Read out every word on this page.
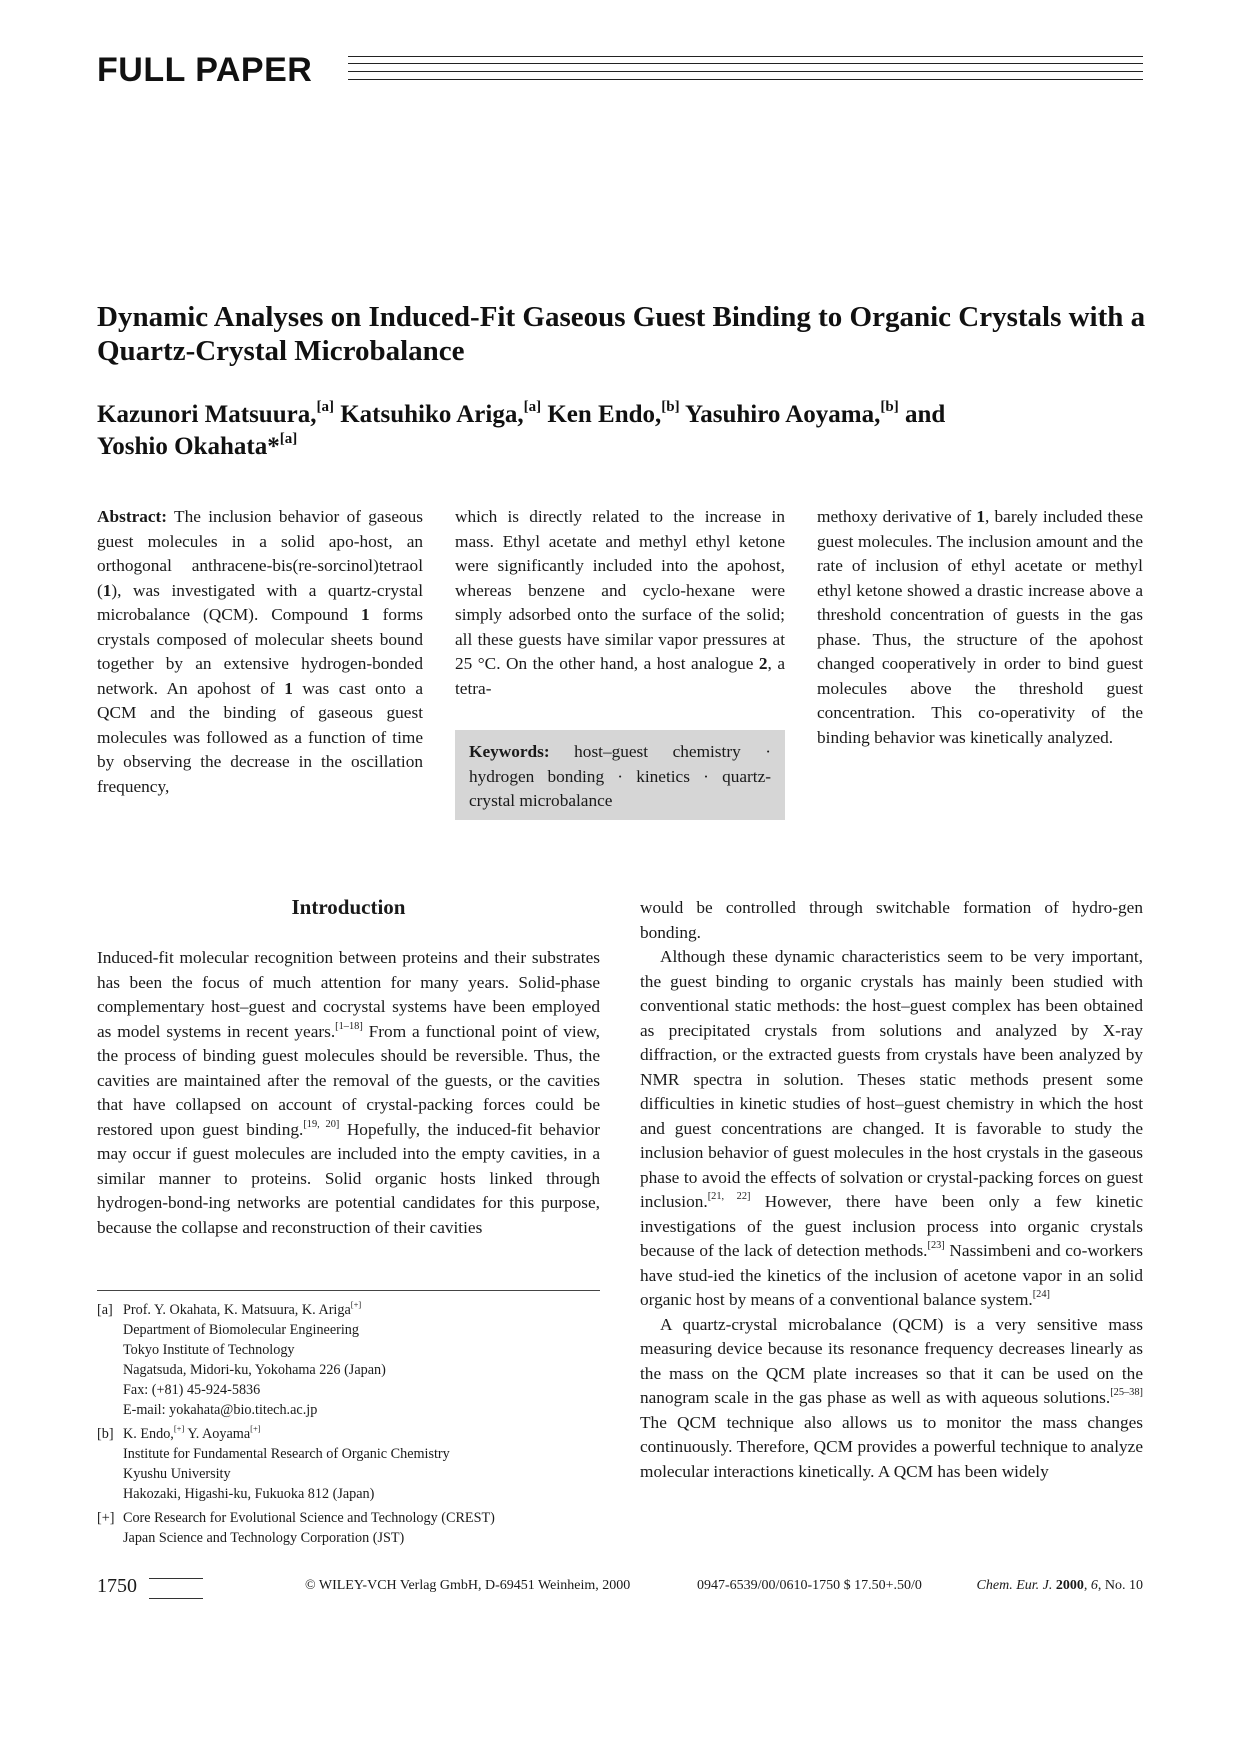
FULL PAPER
Dynamic Analyses on Induced-Fit Gaseous Guest Binding to Organic Crystals with a Quartz-Crystal Microbalance
Kazunori Matsuura,[a] Katsuhiko Ariga,[a] Ken Endo,[b] Yasuhiro Aoyama,[b] and
Yoshio Okahata*[a]

Abstract: The inclusion behavior of gaseous guest molecules in a solid apo-host, an orthogonal anthracene-bis(re-sorcinol)tetraol (1), was investigated with a quartz-crystal microbalance (QCM). Compound 1 forms crystals composed of molecular sheets bound together by an extensive hydrogen-bonded network. An apohost of 1 was cast onto a QCM and the binding of gaseous guest molecules was followed as a function of time by observing the decrease in the oscillation frequency,

which is directly related to the increase in mass. Ethyl acetate and methyl ethyl ketone were significantly included into the apohost, whereas benzene and cyclo-hexane were simply adsorbed onto the surface of the solid; all these guests have similar vapor pressures at 25 °C. On the other hand, a host analogue 2, a tetra-

methoxy derivative of 1, barely included these guest molecules. The inclusion amount and the rate of inclusion of ethyl acetate or methyl ethyl ketone showed a drastic increase above a threshold concentration of guests in the gas phase. Thus, the structure of the apohost changed cooperatively in order to bind guest molecules above the threshold guest concentration. This co-operativity of the binding behavior was kinetically analyzed.

Keywords: host–guest chemistry · hydrogen bonding · kinetics · quartz-crystal microbalance
Introduction

Induced-fit molecular recognition between proteins and their substrates has been the focus of much attention for many years. Solid-phase complementary host–guest and cocrystal systems have been employed as model systems in recent years.[1–18] From a functional point of view, the process of binding guest molecules should be reversible. Thus, the cavities are maintained after the removal of the guests, or the cavities that have collapsed on account of crystal-packing forces could be restored upon guest binding.[19, 20] Hopefully, the induced-fit behavior may occur if guest molecules are included into the empty cavities, in a similar manner to proteins. Solid organic hosts linked through hydrogen-bond-ing networks are potential candidates for this purpose, because the collapse and reconstruction of their cavities

would be controlled through switchable formation of hydro-gen bonding.

Although these dynamic characteristics seem to be very important, the guest binding to organic crystals has mainly been studied with conventional static methods: the host–guest complex has been obtained as precipitated crystals from solutions and analyzed by X-ray diffraction, or the extracted guests from crystals have been analyzed by NMR spectra in solution. Theses static methods present some difficulties in kinetic studies of host–guest chemistry in which the host and guest concentrations are changed. It is favorable to study the inclusion behavior of guest molecules in the host crystals in the gaseous phase to avoid the effects of solvation or crystal-packing forces on guest inclusion.[21, 22] However, there have been only a few kinetic investigations of the guest inclusion process into organic crystals because of the lack of detection methods.[23] Nassimbeni and co-workers have stud-ied the kinetics of the inclusion of acetone vapor in an solid organic host by means of a conventional balance system.[24]

A quartz-crystal microbalance (QCM) is a very sensitive mass measuring device because its resonance frequency decreases linearly as the mass on the QCM plate increases so that it can be used on the nanogram scale in the gas phase as well as with aqueous solutions.[25–38] The QCM technique also allows us to monitor the mass changes continuously. Therefore, QCM provides a powerful technique to analyze molecular interactions kinetically. A QCM has been widely

[a] Prof. Y. Okahata, K. Matsuura, K. Ariga[+]
Department of Biomolecular Engineering
Tokyo Institute of Technology
Nagatsuda, Midori-ku, Yokohama 226 (Japan)
Fax: (+81) 45-924-5836
E-mail: yokahata@bio.titech.ac.jp
[b] K. Endo,[+] Y. Aoyama[+]
Institute for Fundamental Research of Organic Chemistry
Kyushu University
Hakozaki, Higashi-ku, Fukuoka 812 (Japan)
[+] Core Research for Evolutional Science and Technology (CREST)
Japan Science and Technology Corporation (JST)
1750	© WILEY-VCH Verlag GmbH, D-69451 Weinheim, 2000	0947-6539/00/0610-1750 $ 17.50+.50/0	Chem. Eur. J. 2000, 6, No. 10
